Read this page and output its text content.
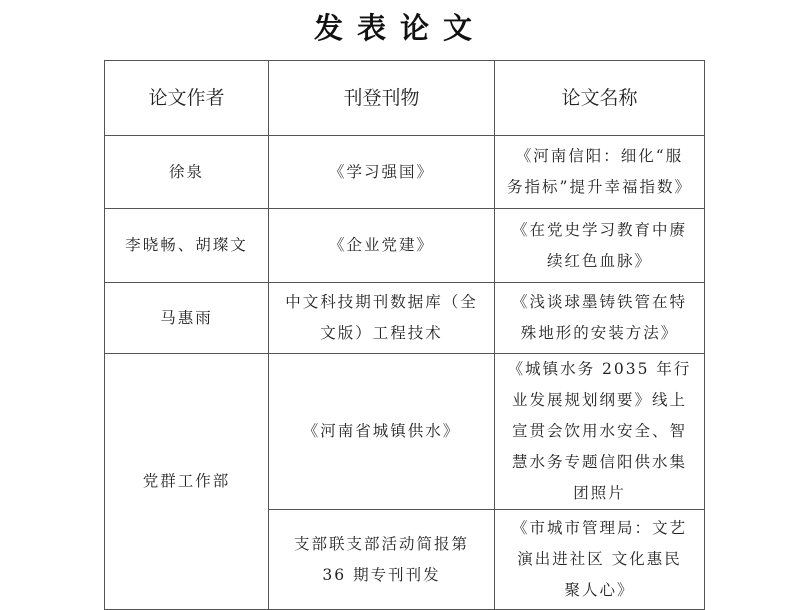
发表论文
论文作者	刊登刊物	论文名称
徐泉	《学习强国》	《河南信阳：细化“服
务指标”提升幸福指数》
李晓畅、胡璨文	《企业党建》	《在党史学习教育中赓
续红色血脉》
马惠雨	中文科技期刊数据库（全
文版）工程技术	《浅谈球墨铸铁管在特
殊地形的安装方法》
党群工作部	《河南省城镇供水》	《城镇水务 2035 年行
业发展规划纲要》线上
宣贯会饮用水安全、智
慧水务专题信阳供水集
团照片
	支部联支部活动简报第
36 期专刊刊发	《市城市管理局：文艺
演出进社区 文化惠民
聚人心》
